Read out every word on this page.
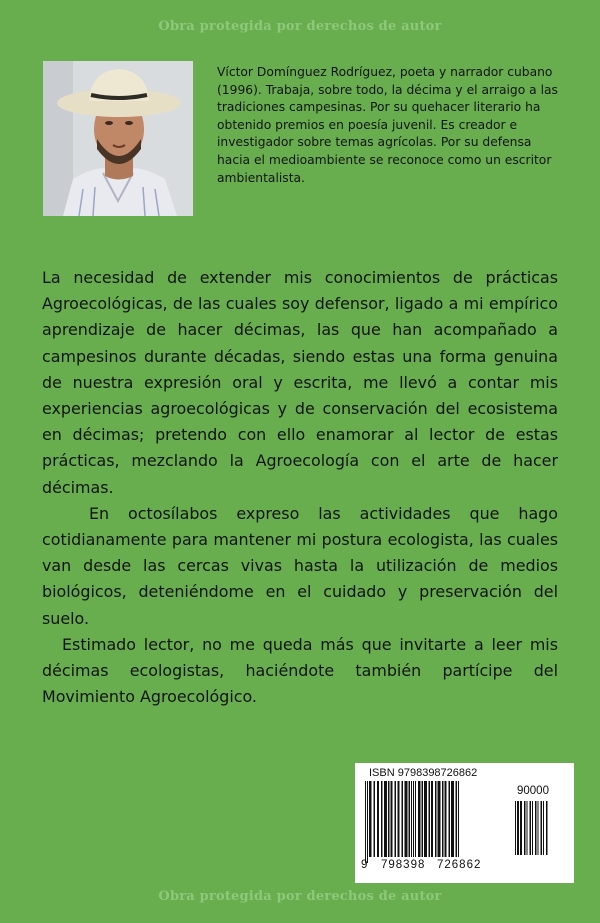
Obra protegida por derechos de autor
Víctor Domínguez Rodríguez, poeta y narrador cubano (1996). Trabaja, sobre todo, la décima y el arraigo a las tradiciones campesinas. Por su quehacer literario ha obtenido premios en poesía juvenil. Es creador e investigador sobre temas agrícolas. Por su defensa hacia el medioambiente se reconoce como un escritor ambientalista.

La necesidad de extender mis conocimientos de prácticas Agroecológicas, de las cuales soy defensor, ligado a mi empírico aprendizaje de hacer décimas, las que han acompañado a campesinos durante décadas, siendo estas una forma genuina de nuestra expresión oral y escrita, me llevó a contar mis experiencias agroecológicas y de conservación del ecosistema en décimas; pretendo con ello enamorar al lector de estas prácticas, mezclando la Agroecología con el arte de hacer décimas.

En octosílabos expreso las actividades que hago cotidianamente para mantener mi postura ecologista, las cuales van desde las cercas vivas hasta la utilización de medios biológicos, deteniéndome en el cuidado y preservación del suelo.

Estimado lector, no me queda más que invitarte a leer mis décimas ecologistas, haciéndote también partícipe del Movimiento Agroecológico.

ISBN 9798398726862
90000
9 798398 726862
Obra protegida por derechos de autor
